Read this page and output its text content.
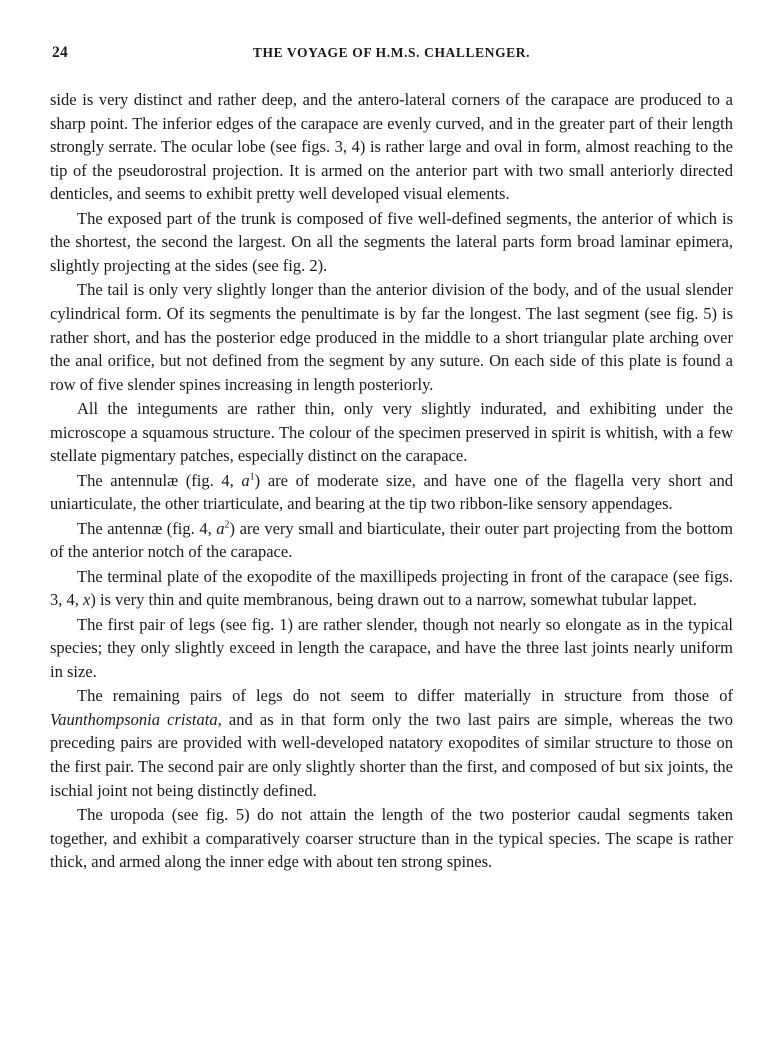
24	THE VOYAGE OF H.M.S. CHALLENGER.

side is very distinct and rather deep, and the antero-lateral corners of the carapace are produced to a sharp point. The inferior edges of the carapace are evenly curved, and in the greater part of their length strongly serrate. The ocular lobe (see figs. 3, 4) is rather large and oval in form, almost reaching to the tip of the pseudorostral projection. It is armed on the anterior part with two small anteriorly directed denticles, and seems to exhibit pretty well developed visual elements.

The exposed part of the trunk is composed of five well-defined segments, the anterior of which is the shortest, the second the largest. On all the segments the lateral parts form broad laminar epimera, slightly projecting at the sides (see fig. 2).

The tail is only very slightly longer than the anterior division of the body, and of the usual slender cylindrical form. Of its segments the penultimate is by far the longest. The last segment (see fig. 5) is rather short, and has the posterior edge produced in the middle to a short triangular plate arching over the anal orifice, but not defined from the segment by any suture. On each side of this plate is found a row of five slender spines increasing in length posteriorly.

All the integuments are rather thin, only very slightly indurated, and exhibiting under the microscope a squamous structure. The colour of the specimen preserved in spirit is whitish, with a few stellate pigmentary patches, especially distinct on the carapace.

The antennulæ (fig. 4, $a^1$) are of moderate size, and have one of the flagella very short and uniarticulate, the other triarticulate, and bearing at the tip two ribbon-like sensory appendages.

The antennæ (fig. 4, $a^2$) are very small and biarticulate, their outer part projecting from the bottom of the anterior notch of the carapace.

The terminal plate of the exopodite of the maxillipeds projecting in front of the carapace (see figs. 3, 4, x) is very thin and quite membranous, being drawn out to a narrow, somewhat tubular lappet.

The first pair of legs (see fig. 1) are rather slender, though not nearly so elongate as in the typical species; they only slightly exceed in length the carapace, and have the three last joints nearly uniform in size.

The remaining pairs of legs do not seem to differ materially in structure from those of Vaunthompsonia cristata, and as in that form only the two last pairs are simple, whereas the two preceding pairs are provided with well-developed natatory exopodites of similar structure to those on the first pair. The second pair are only slightly shorter than the first, and composed of but six joints, the ischial joint not being distinctly defined.

The uropoda (see fig. 5) do not attain the length of the two posterior caudal segments taken together, and exhibit a comparatively coarser structure than in the typical species. The scape is rather thick, and armed along the inner edge with about ten strong spines.
